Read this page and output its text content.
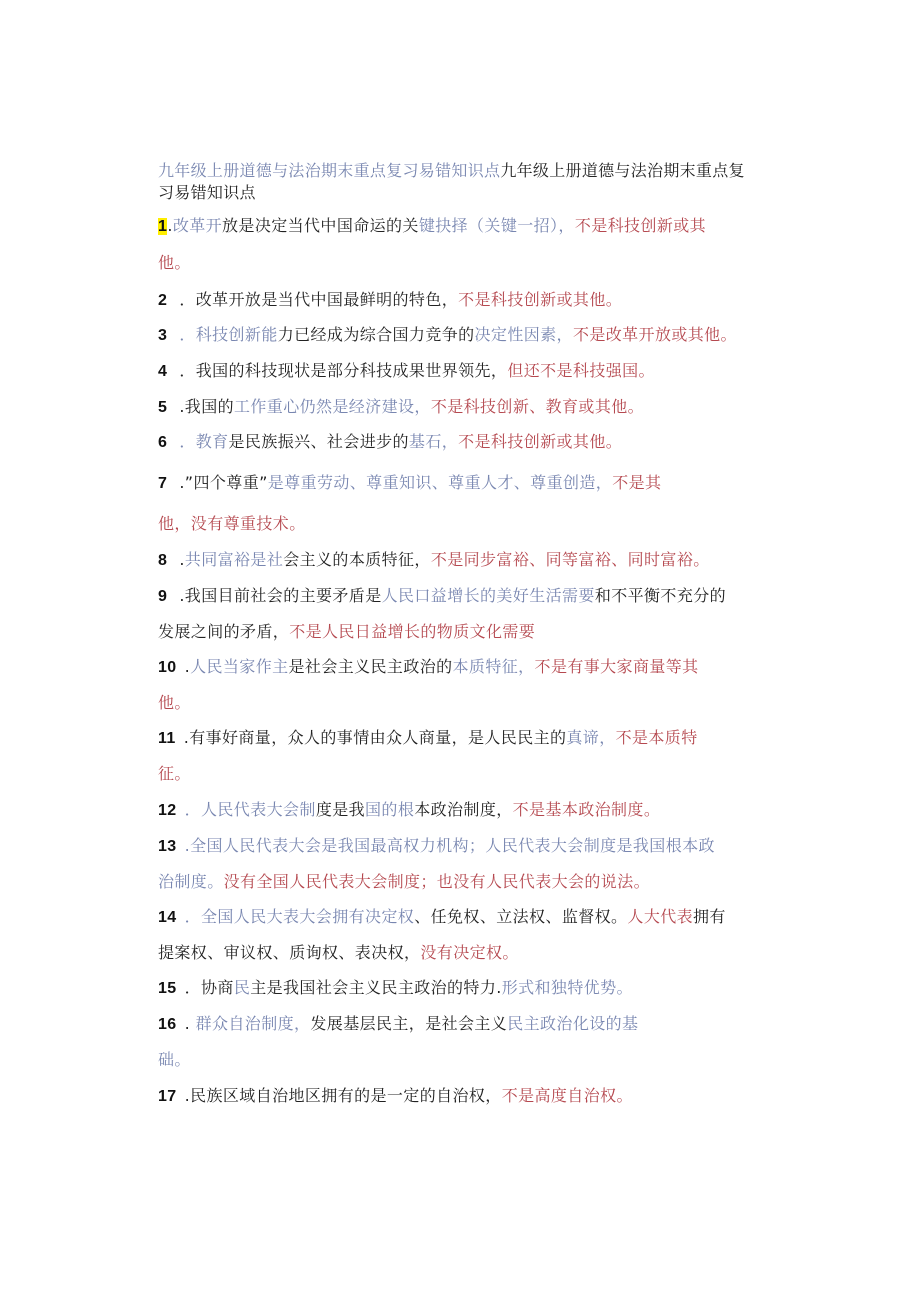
九年级上册道德与法治期末重点复习易错知识点九年级上册道德与法治期末重点复习易错知识点
1.改革开放是决定当代中国命运的关键抉择（关键一招），不是科技创新或其
他。
2 ．改革开放是当代中国最鲜明的特色，不是科技创新或其他。
3 ．科技创新能力已经成为综合国力竞争的决定性因素，不是改革开放或其他。
4 ．我国的科技现状是部分科技成果世界领先，但还不是科技强国。
5 .我国的工作重心仍然是经济建设，不是科技创新、教育或其他。
6 ．教育是民族振兴、社会进步的基石，不是科技创新或其他。
7 .”四个尊重”是尊重劳动、尊重知识、尊重人才、尊重创造，不是其
他，没有尊重技术。
8 .共同富裕是社会主义的本质特征，不是同步富裕、同等富裕、同时富裕。
9 .我国目前社会的主要矛盾是人民口益增长的美好生活需要和不平衡不充分的
发展之间的矛盾，不是人民日益增长的物质文化需要
10 .人民当家作主是社会主义民主政治的本质特征，不是有事大家商量等其
他。
11 .有事好商量，众人的事情由众人商量，是人民民主的真谛，不是本质特
征。
12 ．人民代表大会制度是我国的根本政治制度，不是基本政治制度。
13 .全国人民代表大会是我国最高权力机构；人民代表大会制度是我国根本政
治制度。没有全国人民代表大会制度；也没有人民代表大会的说法。
14 ．全国人民大表大会拥有决定权、任免权、立法权、监督权。人大代表拥有
提案权、审议权、质询权、表决权，没有决定权。
15 ．协商民主是我国社会主义民主政治的特力.形式和独特优势。
16 . 群众自治制度，发展基层民主，是社会主义民主政治化设的基
础。
17 .民族区域自治地区拥有的是一定的自治权，不是高度自治权。
